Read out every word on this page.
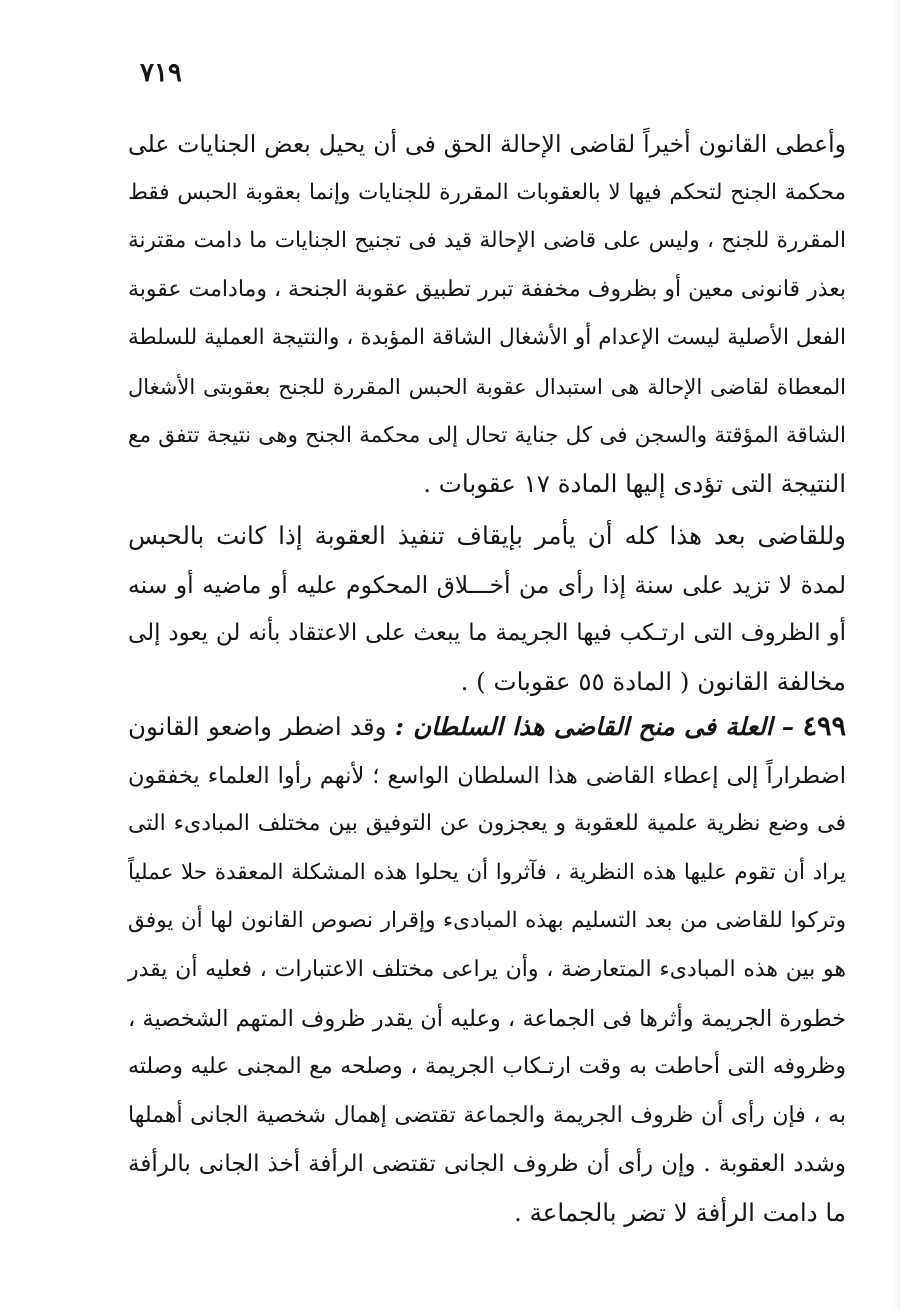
٧١٩
وأعطى القانون أخيراً لقاضى الإحالة الحق فى أن يحيل بعض الجنايات على
محكمة الجنح لتحكم فيها لا بالعقوبات المقررة للجنايات وإنما بعقوبة الحبس فقط
المقررة للجنح ، وليس على قاضى الإحالة قيد فى تجنيح الجنايات ما دامت مقترنة
بعذر قانونى معين أو بظروف مخففة تبرر تطبيق عقوبة الجنحة ، ومادامت عقوبة
الفعل الأصلية ليست الإعدام أو الأشغال الشاقة المؤبدة ، والنتيجة العملية للسلطة
المعطاة لقاضى الإحالة هى استبدال عقوبة الحبس المقررة للجنح بعقوبتى الأشغال
الشاقة المؤقتة والسجن فى كل جناية تحال إلى محكمة الجنح وهى نتيجة تتفق مع
النتيجة التى تؤدى إليها المادة ١٧ عقوبات .
وللقاضى بعد هذا كله أن يأمر بإيقاف تنفيذ العقوبة إذا كانت بالحبس
لمدة لا تزيد على سنة إذا رأى من أخـــلاق المحكوم عليه أو ماضيه أو سنه
أو الظروف التى ارتـكب فيها الجريمة ما يبعث على الاعتقاد بأنه لن يعود إلى
مخالفة القانون ( المادة ٥٥ عقوبات ) .
٤٩٩ – العلة فى منح القاضى هذا السلطان : وقد اضطر واضعو القانون
اضطراراً إلى إعطاء القاضى هذا السلطان الواسع ؛ لأنهم رأوا العلماء يخفقون
فى وضع نظرية علمية للعقوبة و يعجزون عن التوفيق بين مختلف المبادىء التى
يراد أن تقوم عليها هذه النظرية ، فآثروا أن يحلوا هذه المشكلة المعقدة حلا عملياً
وتركوا للقاضى من بعد التسليم بهذه المبادىء وإقرار نصوص القانون لها أن يوفق
هو بين هذه المبادىء المتعارضة ، وأن يراعى مختلف الاعتبارات ، فعليه أن يقدر
خطورة الجريمة وأثرها فى الجماعة ، وعليه أن يقدر ظروف المتهم الشخصية ،
وظروفه التى أحاطت به وقت ارتـكاب الجريمة ، وصلحه مع المجنى عليه وصلته
به ، فإن رأى أن ظروف الجريمة والجماعة تقتضى إهمال شخصية الجانى أهملها
وشدد العقوبة . وإن رأى أن ظروف الجانى تقتضى الرأفة أخذ الجانى بالرأفة
ما دامت الرأفة لا تضر بالجماعة .
